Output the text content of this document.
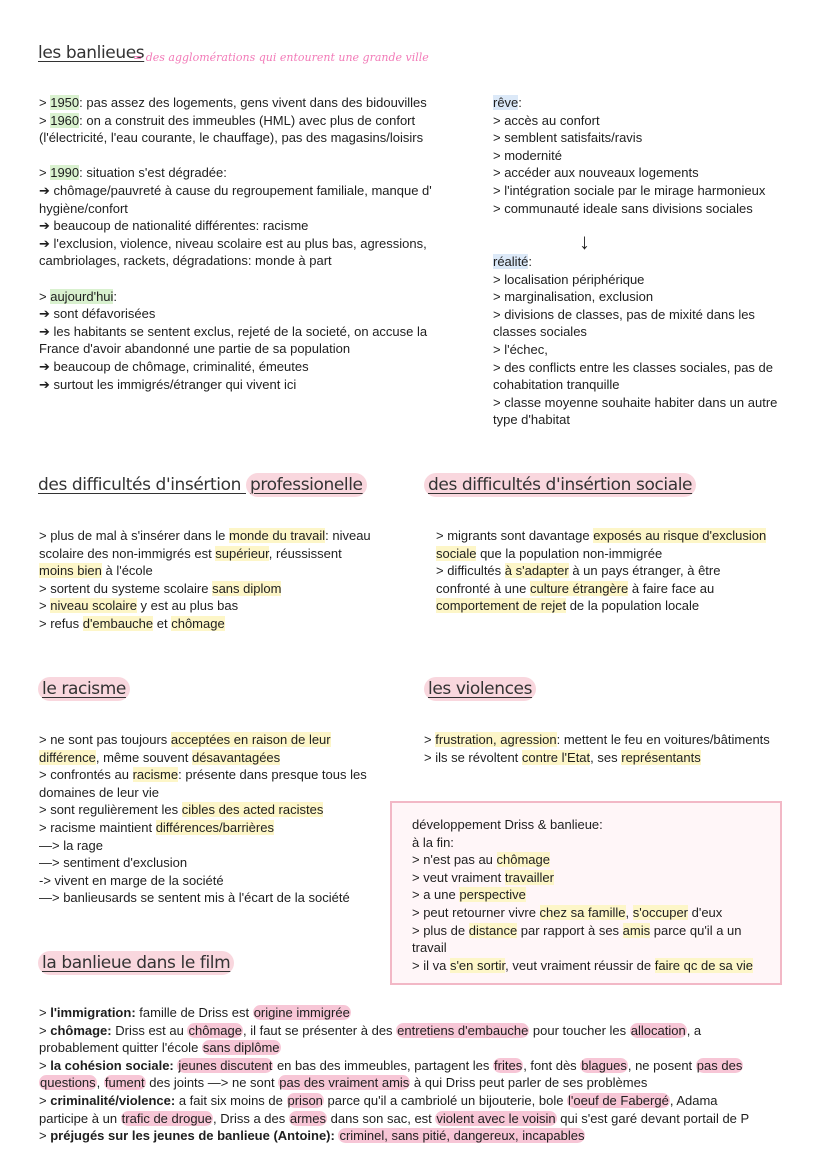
les banlieues
= des agglomérations qui entourent une grande ville
> 1950: pas assez des logements, gens vivent dans des bidouvilles
> 1960: on a construit des immeubles (HML) avec plus de confort
(l'électricité, l'eau courante, le chauffage), pas des magasins/loisirs
> 1990: situation s'est dégradée:
➔ chômage/pauvreté à cause du regroupement familiale, manque d'
hygiène/confort
➔ beaucoup de nationalité différentes: racisme
➔ l'exclusion, violence, niveau scolaire est au plus bas, agressions,
cambriolages, rackets, dégradations: monde à part
> aujourd'hui:
➔ sont défavorisées
➔ les habitants se sentent exclus, rejeté de la societé, on accuse la
France d'avoir abandonné une partie de sa population
➔ beaucoup de chômage, criminalité, émeutes
➔ surtout les immigrés/étranger qui vivent ici
rêve:
> accès au confort
> semblent satisfaits/ravis
> modernité
> accéder aux nouveaux logements
> l'intégration sociale par le mirage harmonieux
> communauté ideale sans divisions sociales
↓
réalité:
> localisation périphérique
> marginalisation, exclusion
> divisions de classes, pas de mixité dans les
classes sociales
> l'échec,
> des conflicts entre les classes sociales, pas de
cohabitation tranquille
> classe moyenne souhaite habiter dans un autre
type d'habitat
des difficultés d'insértion professionelle
> plus de mal à s'insérer dans le monde du travail: niveau
scolaire des non-immigrés est supérieur, réussissent
moins bien à l'école
> sortent du systeme scolaire sans diplom
> niveau scolaire y est au plus bas
> refus d'embauche et chômage
des difficultés d'insértion sociale
> migrants sont davantage exposés au risque d'exclusion
sociale que la population non-immigrée
> difficultés à s'adapter à un pays étranger, à être
confronté à une culture étrangère à faire face au
comportement de rejet de la population locale
le racisme
> ne sont pas toujours acceptées en raison de leur
différence, même souvent désavantagées
> confrontés au racisme: présente dans presque tous les
domaines de leur vie
> sont regulièrement les cibles des acted racistes
> racisme maintient différences/barrières
—> la rage
—> sentiment d'exclusion
-> vivent en marge de la société
—> banlieusards se sentent mis à l'écart de la société
les violences
> frustration, agression: mettent le feu en voitures/bâtiments
> ils se révoltent contre l'Etat, ses représentants
développement Driss & banlieue:
à la fin:
> n'est pas au chômage
> veut vraiment travailler
> a une perspective
> peut retourner vivre chez sa famille, s'occuper d'eux
> plus de distance par rapport à ses amis parce qu'il a un
travail
> il va s'en sortir, veut vraiment réussir de faire qc de sa vie
la banlieue dans le film
> l'immigration: famille de Driss est origine immigrée
> chômage: Driss est au chômage, il faut se présenter à des entretiens d'embauche pour toucher les allocation, a
probablement quitter l'école sans diplôme
> la cohésion sociale: jeunes discutent en bas des immeubles, partagent les frites, font dès blagues, ne posent pas des
questions, fument des joints —> ne sont pas des vraiment amis à qui Driss peut parler de ses problèmes
> criminalité/violence: a fait six moins de prison parce qu'il a cambriolé un bijouterie, bole l'oeuf de Fabergé, Adama
participe à un trafic de drogue, Driss a des armes dans son sac, est violent avec le voisin qui s'est garé devant portail de P
> préjugés sur les jeunes de banlieue (Antoine): criminel, sans pitié, dangereux, incapables
